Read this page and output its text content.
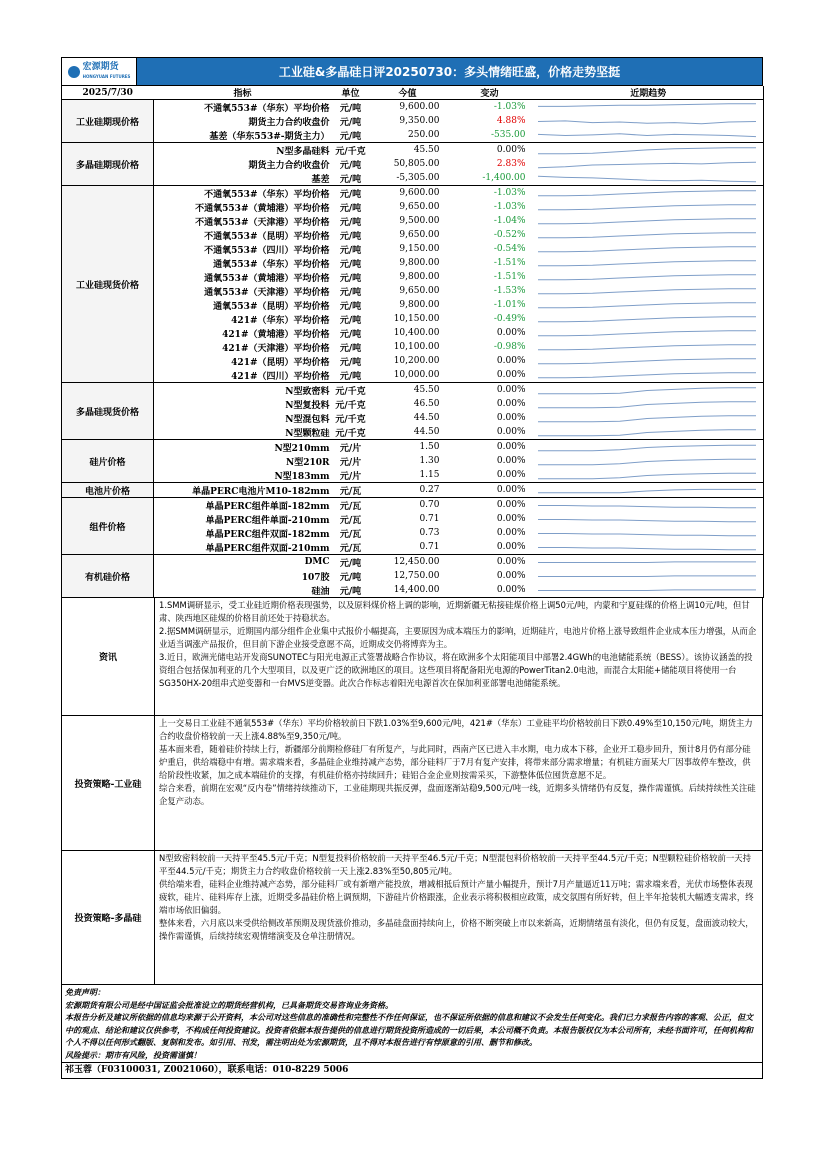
宏源期货
HONGYUAN FUTURES	工业硅&多晶硅日评20250730：多头情绪旺盛，价格走势坚挺
2025/7/30	指标	单位	今值	变动	近期趋势
工业硅期现价格	不通氧553#（华东）平均价格	元/吨	9,600.00	-1.03%	

	期货主力合约收盘价	元/吨	9,350.00	4.88%	

	基差（华东553#-期货主力）	元/吨	250.00	-535.00	

多晶硅期现价格	N型多晶硅料	元/千克	45.50	0.00%	

	期货主力合约收盘价	元/吨	50,805.00	2.83%	

	基差	元/吨	-5,305.00	-1,400.00	

工业硅现货价格	不通氧553#（华东）平均价格	元/吨	9,600.00	-1.03%	

	不通氧553#（黄埔港）平均价格	元/吨	9,650.00	-1.03%	

	不通氧553#（天津港）平均价格	元/吨	9,500.00	-1.04%	

	不通氧553#（昆明）平均价格	元/吨	9,650.00	-0.52%	

	不通氧553#（四川）平均价格	元/吨	9,150.00	-0.54%	

	通氧553#（华东）平均价格	元/吨	9,800.00	-1.51%	

	通氧553#（黄埔港）平均价格	元/吨	9,800.00	-1.51%	

	通氧553#（天津港）平均价格	元/吨	9,650.00	-1.53%	

	通氧553#（昆明）平均价格	元/吨	9,800.00	-1.01%	

	421#（华东）平均价格	元/吨	10,150.00	-0.49%	

	421#（黄埔港）平均价格	元/吨	10,400.00	0.00%	

	421#（天津港）平均价格	元/吨	10,100.00	-0.98%	

	421#（昆明）平均价格	元/吨	10,200.00	0.00%	

	421#（四川）平均价格	元/吨	10,000.00	0.00%	

多晶硅现货价格	N型致密料	元/千克	45.50	0.00%	

	N型复投料	元/千克	46.50	0.00%	

	N型混包料	元/千克	44.50	0.00%	

	N型颗粒硅	元/千克	44.50	0.00%	

硅片价格	N型210mm	元/片	1.50	0.00%	

	N型210R	元/片	1.30	0.00%	

	N型183mm	元/片	1.15	0.00%	

电池片价格	单晶PERC电池片M10-182mm	元/瓦	0.27	0.00%	

组件价格	单晶PERC组件单面-182mm	元/瓦	0.70	0.00%	

	单晶PERC组件单面-210mm	元/瓦	0.71	0.00%	

	单晶PERC组件双面-182mm	元/瓦	0.73	0.00%	

	单晶PERC组件双面-210mm	元/瓦	0.71	0.00%	

有机硅价格	DMC	元/吨	12,450.00	0.00%	

	107胶	元/吨	12,750.00	0.00%	

	硅油	元/吨	14,400.00	0.00%	
资讯

1.SMM调研显示，受工业硅近期价格表现强势，以及原料煤价格上调的影响，近期新疆无粘接硅煤价格上调50元/吨，内蒙和宁夏硅煤的价格上调10元/吨，但甘肃、陕西地区硅煤的价格目前还处于持稳状态。

2.据SMM调研显示，近期国内部分组件企业集中式报价小幅提高，主要原因为成本端压力的影响，近期硅片，电池片价格上涨导致组件企业成本压力增强，从而企业适当调涨产品报价，但目前下游企业接受意愿不高，近期成交仍将博弈为主。

3.近日，欧洲光储电站开发商SUNOTEC与阳光电源正式签署战略合作协议，将在欧洲多个太阳能项目中部署2.4GWh的电池储能系统（BESS）。该协议涵盖的投资组合包括保加利亚的几个大型项目，以及更广泛的欧洲地区的项目。这些项目将配备阳光电源的PowerTitan2.0电池，而混合太阳能+储能项目将使用一台SG350HX-20组串式逆变器和一台MVS逆变器。此次合作标志着阳光电源首次在保加利亚部署电池储能系统。

投资策略-工业硅

上一交易日工业硅不通氧553#（华东）平均价格较前日下跌1.03%至9,600元/吨，421#（华东）工业硅平均价格较前日下跌0.49%至10,150元/吨，期货主力合约收盘价格较前一天上涨4.88%至9,350元/吨。

基本面来看，随着硅价持续上行，新疆部分前期检修硅厂有所复产，与此同时，西南产区已进入丰水期，电力成本下移，企业开工稳步回升，预计8月仍有部分硅炉重启，供给端稳中有增。需求端来看，多晶硅企业维持减产态势，部分硅料厂于7月有复产安排，将带来部分需求增量；有机硅方面某大厂因事故停车整改，供给阶段性收紧，加之成本端硅价的支撑，有机硅价格亦持续回升；硅铝合金企业则按需采买，下游整体低位囤货意愿不足。

综合来看，前期在宏观“反内卷”情绪持续推动下，工业硅期现共振反弹，盘面逐渐站稳9,500元/吨一线，近期多头情绪仍有反复，操作需谨慎。后续持续性关注硅企复产动态。

投资策略-多晶硅

N型致密料较前一天持平至45.5元/千克；N型复投料价格较前一天持平至46.5元/千克；N型混包料价格较前一天持平至44.5元/千克；N型颗粒硅价格较前一天持平至44.5元/千克；期货主力合约收盘价格较前一天上涨2.83%至50,805元/吨。

供给端来看，硅料企业维持减产态势，部分硅料厂或有新增产能投放，增减相抵后预计产量小幅提升，预计7月产量逼近11万吨；需求端来看，光伏市场整体表现疲软，硅片、硅料库存上涨，近期受多晶硅价格上调预期，下游硅片价格跟涨，企业表示将积极相应政策，成交氛围有所好转，但上半年抢装机大幅透支需求，终端市场依旧偏弱。

整体来看，六月底以来受供给侧改革预期及现货涨价推动，多晶硅盘面持续向上，价格不断突破上市以来新高，近期情绪虽有淡化，但仍有反复，盘面波动较大，操作需谨慎，后续持续宏观情绪演变及仓单注册情况。

免责声明：

宏源期货有限公司是经中国证监会批准设立的期货经营机构，已具备期货交易咨询业务资格。

本报告分析及建议所依据的信息均来源于公开资料，本公司对这些信息的准确性和完整性不作任何保证，也不保证所依据的信息和建议不会发生任何变化。我们已力求报告内容的客观、公正，但文中的观点、结论和建议仅供参考，不构成任何投资建议。投资者依据本报告提供的信息进行期货投资所造成的一切后果，本公司概不负责。本报告版权仅为本公司所有，未经书面许可，任何机构和个人不得以任何形式翻版、复制和发布。如引用、刊发，需注明出处为宏源期货，且不得对本报告进行有悖原意的引用、删节和修改。

风险提示：期市有风险，投资需谨慎！

祁玉蓉（F03100031, Z0021060），联系电话：010-8229 5006
